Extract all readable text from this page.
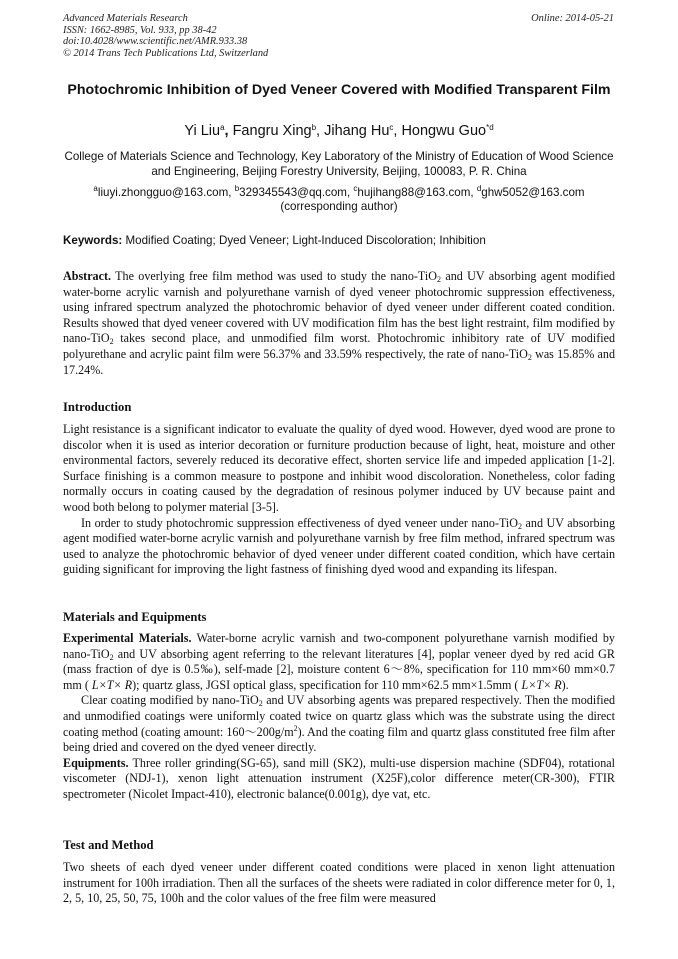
Advanced Materials Research
ISSN: 1662-8985, Vol. 933, pp 38-42
doi:10.4028/www.scientific.net/AMR.933.38
© 2014 Trans Tech Publications Ltd, Switzerland
Online: 2014-05-21
Photochromic Inhibition of Dyed Veneer Covered with Modified Transparent Film
Yi Liu$^a$, Fangru Xing$^b$, Jihang Hu$^c$, Hongwu Guo$^{*d}$
College of Materials Science and Technology, Key Laboratory of the Ministry of Education of Wood Science and Engineering, Beijing Forestry University, Beijing, 100083, P. R. China
$^a$liuyi.zhongguo@163.com, $^b$329345543@qq.com, $^c$hujihang88@163.com, $^d$ghw5052@163.com
(corresponding author)
Keywords: Modified Coating; Dyed Veneer; Light-Induced Discoloration; Inhibition

Abstract. The overlying free film method was used to study the nano-TiO$_2$ and UV absorbing agent modified water-borne acrylic varnish and polyurethane varnish of dyed veneer photochromic suppression effectiveness, using infrared spectrum analyzed the photochromic behavior of dyed veneer under different coated condition. Results showed that dyed veneer covered with UV modification film has the best light restraint, film modified by nano-TiO$_2$ takes second place, and unmodified film worst. Photochromic inhibitory rate of UV modified polyurethane and acrylic paint film were 56.37% and 33.59% respectively, the rate of nano-TiO$_2$ was 15.85% and 17.24%.

Introduction

Light resistance is a significant indicator to evaluate the quality of dyed wood. However, dyed wood are prone to discolor when it is used as interior decoration or furniture production because of light, heat, moisture and other environmental factors, severely reduced its decorative effect, shorten service life and impeded application [1-2]. Surface finishing is a common measure to postpone and inhibit wood discoloration. Nonetheless, color fading normally occurs in coating caused by the degradation of resinous polymer induced by UV because paint and wood both belong to polymer material [3-5].

In order to study photochromic suppression effectiveness of dyed veneer under nano-TiO$_2$ and UV absorbing agent modified water-borne acrylic varnish and polyurethane varnish by free film method, infrared spectrum was used to analyze the photochromic behavior of dyed veneer under different coated condition, which have certain guiding significant for improving the light fastness of finishing dyed wood and expanding its lifespan.

Materials and Equipments

Experimental Materials. Water-borne acrylic varnish and two-component polyurethane varnish modified by nano-TiO$_2$ and UV absorbing agent referring to the relevant literatures [4], poplar veneer dyed by red acid GR (mass fraction of dye is 0.5‰), self-made [2], moisture content 6～8%, specification for 110 mm×60 mm×0.7 mm ( L×T× R); quartz glass, JGSI optical glass, specification for 110 mm×62.5 mm×1.5mm ( L×T× R).

Clear coating modified by nano-TiO$_2$ and UV absorbing agents was prepared respectively. Then the modified and unmodified coatings were uniformly coated twice on quartz glass which was the substrate using the direct coating method (coating amount: $160\sim 200g/m^2$). And the coating film and quartz glass constituted free film after being dried and covered on the dyed veneer directly.

Equipments. Three roller grinding(SG-65), sand mill (SK2), multi-use dispersion machine (SDF04), rotational viscometer (NDJ-1), xenon light attenuation instrument (X25F),color difference meter(CR-300), FTIR spectrometer (Nicolet Impact-410), electronic balance(0.001g), dye vat, etc.

Test and Method

Two sheets of each dyed veneer under different coated conditions were placed in xenon light attenuation instrument for 100h irradiation. Then all the surfaces of the sheets were radiated in color difference meter for 0, 1, 2, 5, 10, 25, 50, 75, 100h and the color values of the free film were measured
